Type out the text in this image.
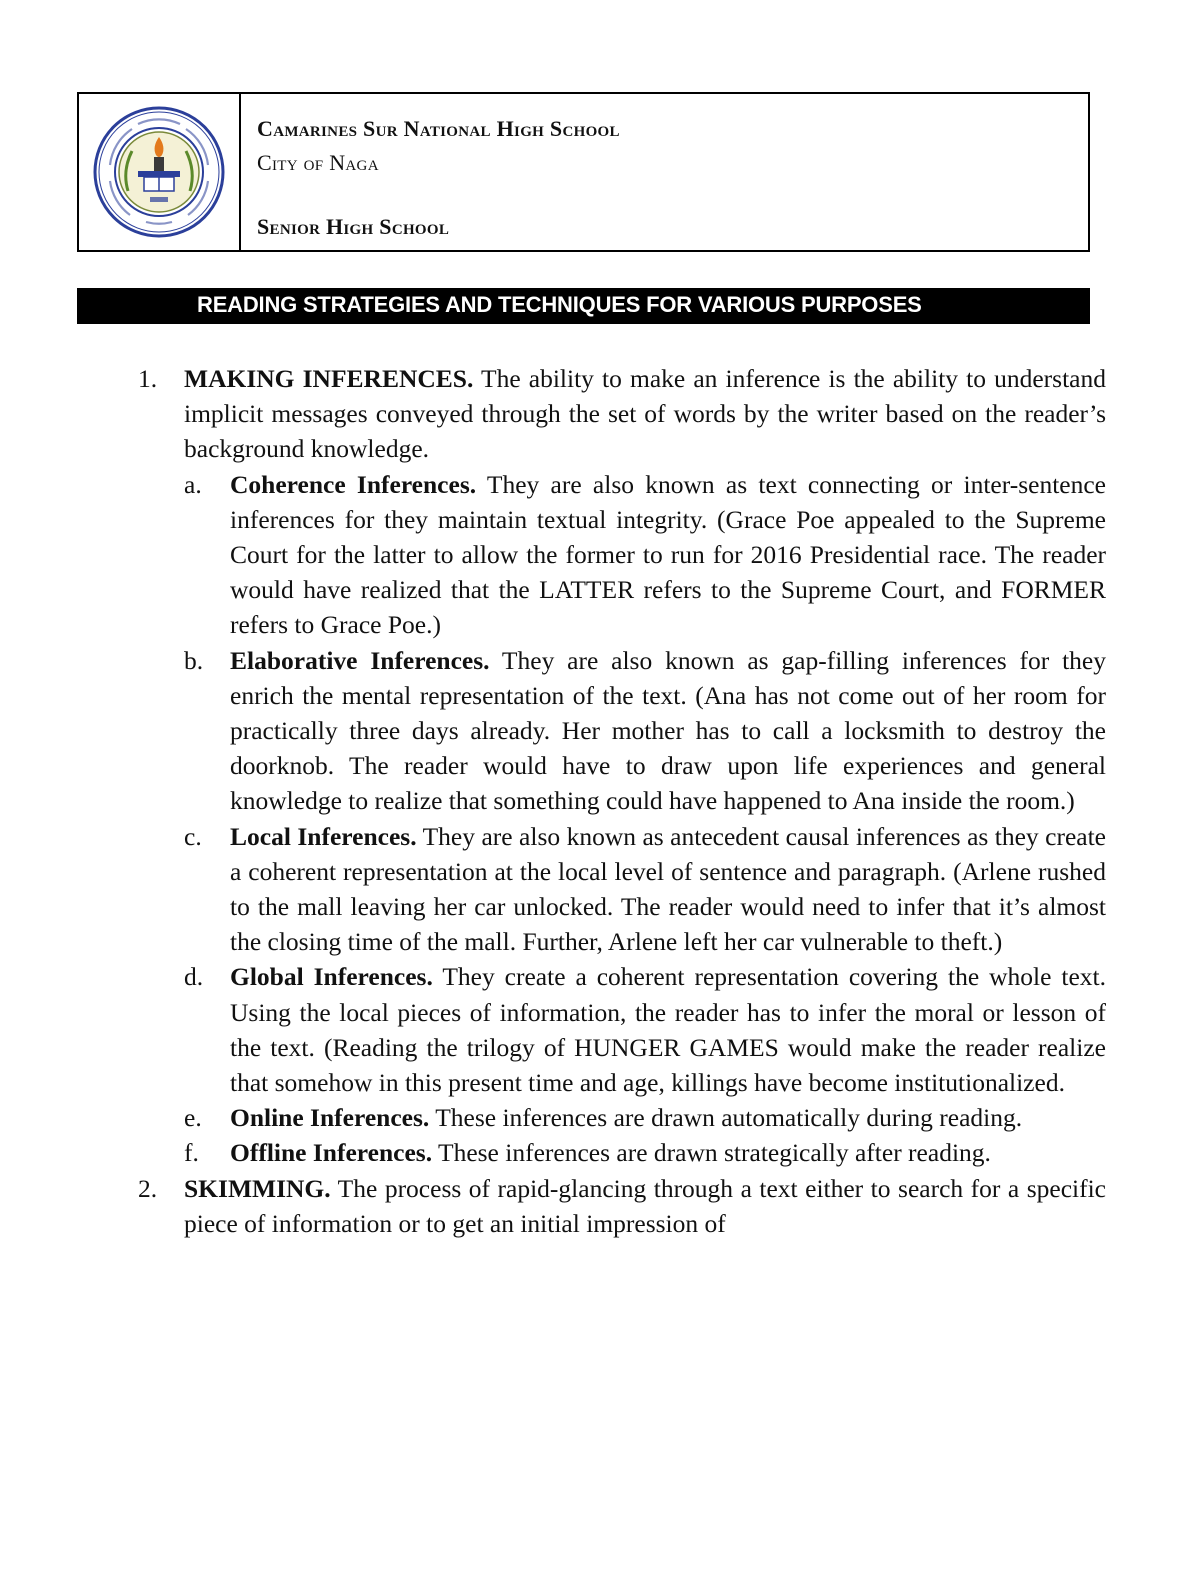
Camarines Sur National High School
City of Naga
Senior High School
READING STRATEGIES AND TECHNIQUES FOR VARIOUS PURPOSES
1. MAKING INFERENCES. The ability to make an inference is the ability to understand implicit messages conveyed through the set of words by the writer based on the reader’s background knowledge.
a. Coherence Inferences. They are also known as text connecting or inter-sentence inferences for they maintain textual integrity. (Grace Poe appealed to the Supreme Court for the latter to allow the former to run for 2016 Presidential race. The reader would have realized that the LATTER refers to the Supreme Court, and FORMER refers to Grace Poe.)
b. Elaborative Inferences. They are also known as gap-filling inferences for they enrich the mental representation of the text. (Ana has not come out of her room for practically three days already. Her mother has to call a locksmith to destroy the doorknob. The reader would have to draw upon life experiences and general knowledge to realize that something could have happened to Ana inside the room.)
c. Local Inferences. They are also known as antecedent causal inferences as they create a coherent representation at the local level of sentence and paragraph. (Arlene rushed to the mall leaving her car unlocked. The reader would need to infer that it’s almost the closing time of the mall. Further, Arlene left her car vulnerable to theft.)
d. Global Inferences. They create a coherent representation covering the whole text. Using the local pieces of information, the reader has to infer the moral or lesson of the text. (Reading the trilogy of HUNGER GAMES would make the reader realize that somehow in this present time and age, killings have become institutionalized.
e. Online Inferences. These inferences are drawn automatically during reading.
f. Offline Inferences. These inferences are drawn strategically after reading.
2. SKIMMING. The process of rapid-glancing through a text either to search for a specific piece of information or to get an initial impression of
